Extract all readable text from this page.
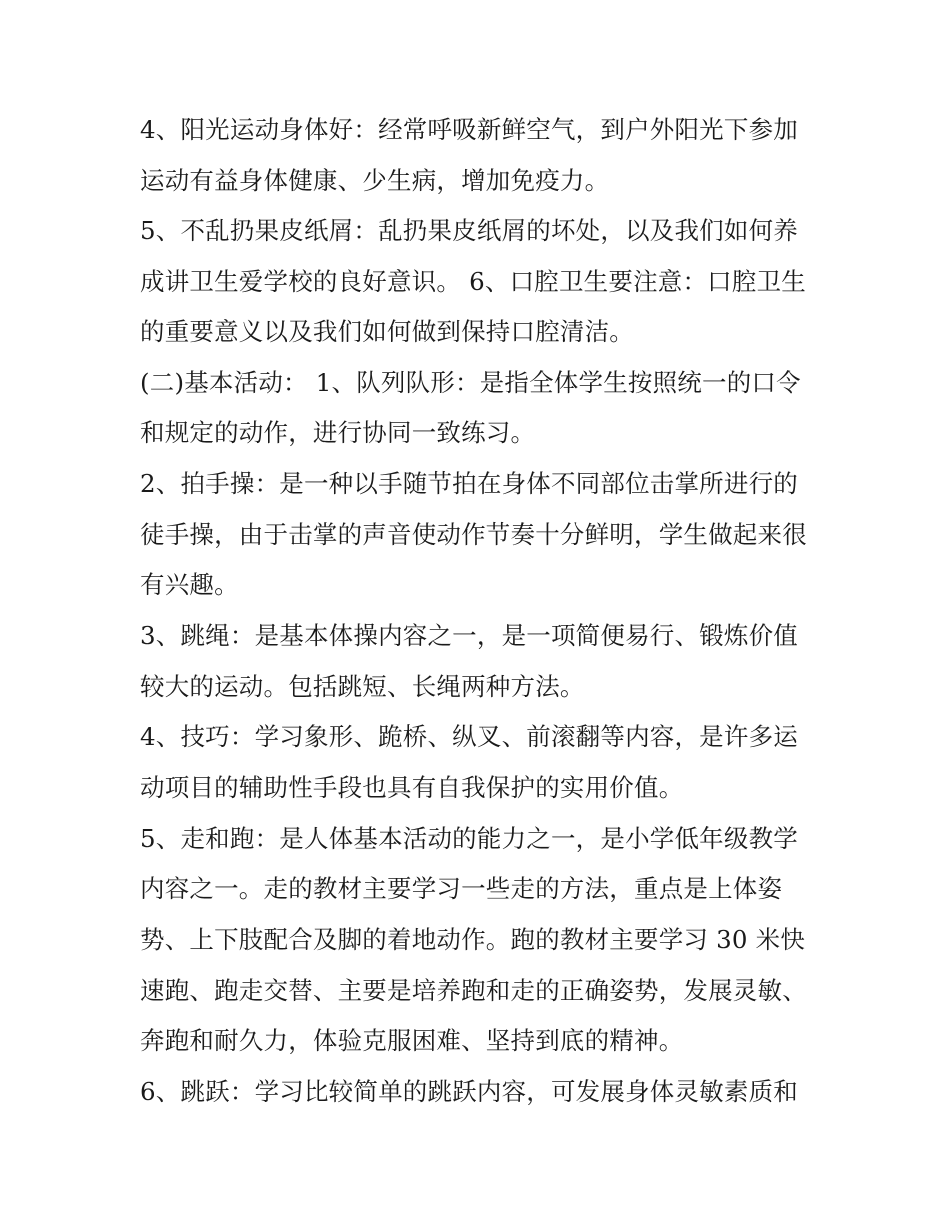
4、阳光运动身体好：经常呼吸新鲜空气，到户外阳光下参加
运动有益身体健康、少生病，增加免疫力。
5、不乱扔果皮纸屑：乱扔果皮纸屑的坏处，以及我们如何养
成讲卫生爱学校的良好意识。 6、口腔卫生要注意：口腔卫生
的重要意义以及我们如何做到保持口腔清洁。
(二)基本活动： 1、队列队形：是指全体学生按照统一的口令
和规定的动作，进行协同一致练习。
2、拍手操：是一种以手随节拍在身体不同部位击掌所进行的
徒手操，由于击掌的声音使动作节奏十分鲜明，学生做起来很
有兴趣。
3、跳绳：是基本体操内容之一，是一项简便易行、锻炼价值
较大的运动。包括跳短、长绳两种方法。
4、技巧：学习象形、跪桥、纵叉、前滚翻等内容，是许多运
动项目的辅助性手段也具有自我保护的实用价值。
5、走和跑：是人体基本活动的能力之一，是小学低年级教学
内容之一。走的教材主要学习一些走的方法，重点是上体姿
势、上下肢配合及脚的着地动作。跑的教材主要学习 30 米快
速跑、跑走交替、主要是培养跑和走的正确姿势，发展灵敏、
奔跑和耐久力，体验克服困难、坚持到底的精神。
6、跳跃：学习比较简单的跳跃内容，可发展身体灵敏素质和
